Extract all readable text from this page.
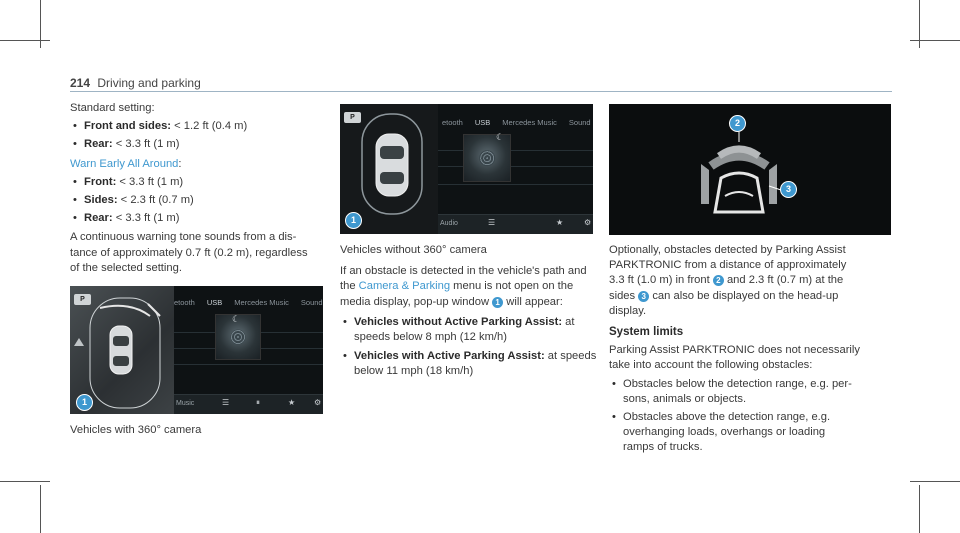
214 Driving and parking

Standard setting:

• Front and sides: < 1.2 ft (0.4 m)
• Rear: < 3.3 ft (1 m)

Warn Early All Around:

• Front: < 3.3 ft (1 m)
• Sides: < 2.3 ft (0.7 m)
• Rear: < 3.3 ft (1 m)

A continuous warning tone sounds from a dis-
tance of approximately 0.7 ft (0.2 m), regardless
of the selected setting.

P	etooth USB Mercedes Music Sound
☾
Music	☰	⏸	★ ⚙
1
Vehicles with 360° camera
P
etooth USB Mercedes Music Sound
☾
Audio	☰	★	⚙
1

Vehicles without 360° camera

If an obstacle is detected in the vehicle's path and
the Camera & Parking menu is not open on the
media display, pop-up window 1 will appear:

• Vehicles without Active Parking Assist: at
speeds below 8 mph (12 km/h)
• Vehicles with Active Parking Assist: at speeds
below 11 mph (18 km/h)
2
3

Optionally, obstacles detected by Parking Assist
PARKTRONIC from a distance of approximately
3.3 ft (1.0 m) in front 2 and 2.3 ft (0.7 m) at the
sides 3 can also be displayed on the head-up
display.

System limits

Parking Assist PARKTRONIC does not necessarily
take into account the following obstacles:

• Obstacles below the detection range, e.g. per-
sons, animals or objects.
• Obstacles above the detection range, e.g.
overhanging loads, overhangs or loading
ramps of trucks.
